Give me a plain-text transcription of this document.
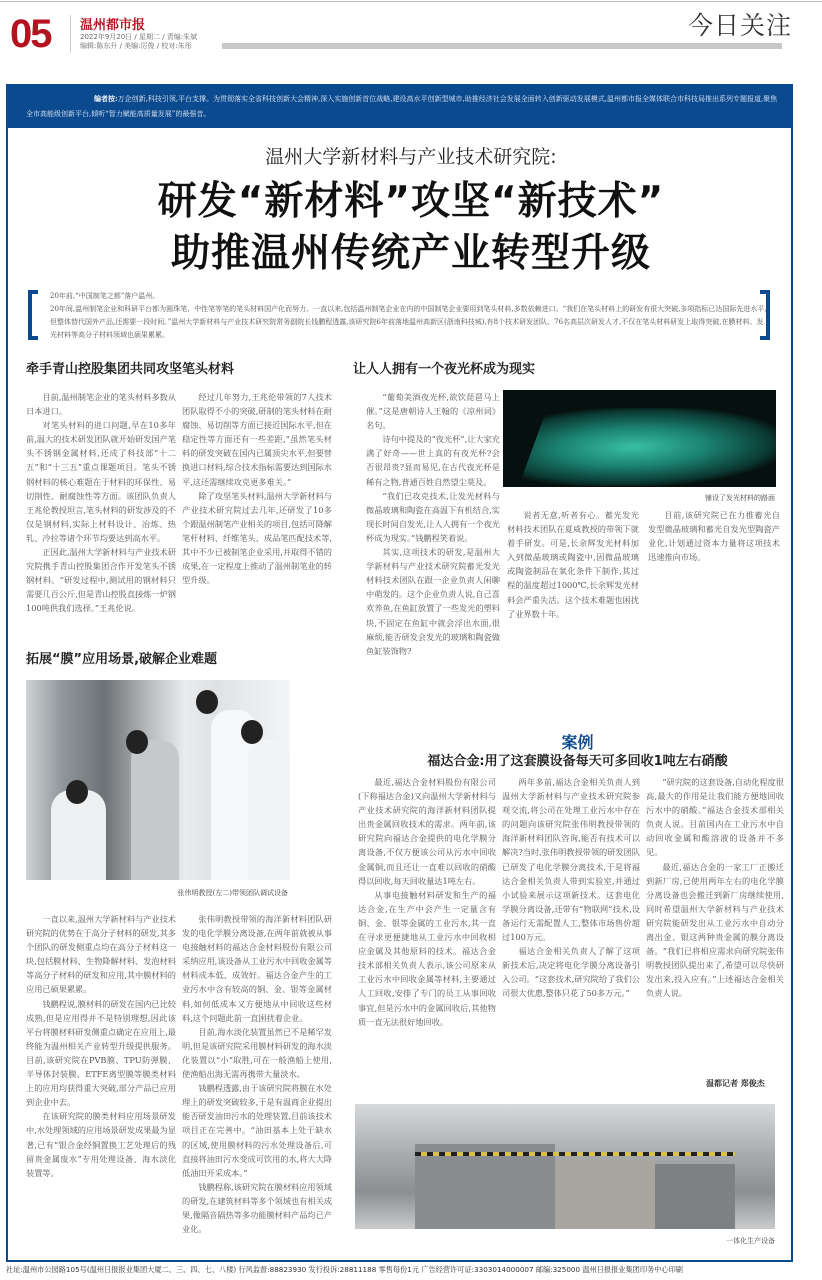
05 温州都市报
2022年9月20日 / 星期二 / 责编:朱斌
编辑:陈东升 / 美编:厉俊 / 校对:朱彤
今日关注
编者按:万企创新,科技引领,平台支撑。为贯彻落实全省科技创新大会精神,深入实施创新首位战略,建设高水平创新型城市,助推经济社会发展全面转入创新驱动发展模式,温州都市报全媒体联合市科技局推出系列专题报道,聚焦全市高能级创新平台,倾听“智力赋能高质量发展”的最强音。
温州大学新材料与产业技术研究院:
研发“新材料”攻坚“新技术”
助推温州传统产业转型升级
20年前,“中国制笔之都”落户温州。
20年间,温州制笔企业和科研平台都为圆珠笔、中性笔等笔的笔头材料国产化而努力。一直以来,包括温州制笔企业在内的中国制笔企业要用到笔头材料,多数依赖进口。“我们在笔头材料上的研发有很大突破,多项指标已达国际先进水平,但整体替代国外产品,还需要一段时间。”温州大学新材料与产业技术研究院常务副院长钱鹏程透露,该研究院6年前落地温州高新区(浙南科技城),有8个技术研发团队、76名高层次研发人才,不仅在笔头材料研发上取得突破,在膜材料、发光材料等高分子材料领域也硕果累累。
牵手青山控股集团共同攻坚笔头材料

目前,温州制笔企业的笔头材料多数从日本进口。

对笔头材料的进口问题,早在10多年前,温大的技术研发团队就开始研发国产笔头不锈钢金属材料,还成了科技部“十二五”和“十三五”重点课题项目。笔头不锈钢材料的核心难题在于材料的环保性、易切削性、耐腐蚀性等方面。该团队负责人王兆伦教授坦言,笔头材料的研发涉及的不仅是钢材料,实际上材料设计、冶炼、热轧、冷拉等诸个环节均要达到高水平。

正因此,温州大学新材料与产业技术研究院携手青山控股集团合作开发笔头不锈钢材料。“研发过程中,测试用的钢材料只需要几百公斤,但是青山控股直接炼一炉钢100吨供我们选择。”王兆伦说。

经过几年努力,王兆伦带领的7人技术团队取得不小的突破,研制的笔头材料在耐腐蚀、易切削等方面已接近国际水平,但在稳定性等方面还有一些差距,“虽然笔头材料的研发突破在国内已属顶尖水平,但要替换进口材料,综合技术指标需要达到国际水平,这还需继续攻克更多难关。”

除了攻坚笔头材料,温州大学新材料与产业技术研究院过去几年,还研发了10多个跟温州制笔产业相关的项目,包括可降解笔杆材料、纤维笔头、成品笔匹配技术等,其中不少已被制笔企业采用,并取得不错的成果,在一定程度上推动了温州制笔业的转型升级。

拓展“膜”应用场景,破解企业难题
张伟明教授(左二)带领团队调试设备

一直以来,温州大学新材料与产业技术研究院的优势在于高分子材料的研发,其多个团队的研发侧重点均在高分子材料这一块,包括膜材料、生物降解材料、发泡材料等高分子材料的研发和应用,其中膜材料的应用已硕果累累。

钱鹏程说,膜材料的研发在国内已比较成熟,但是应用得并不是特别理想,因此该平台将膜材料研发侧重点确定在应用上,最终能为温州相关产业转型升级提供服务。目前,该研究院在PVB膜、TPU防弹膜、半导体封装膜、ETFE离型膜等膜类材料上的应用均获得重大突破,部分产品已应用到企业中去。

在该研究院的膜类材料应用场景研发中,水处理领域的应用场景研发成果最为显著,已有“银合金经铜置换工艺处理后的残留贵金属废水”专用处理设备、海水淡化装置等。

张伟明教授带领的海洋新材料团队研发的电化学膜分离设备,在两年前就被从事电接触材料的福达合金材料股份有限公司采纳应用,该设备从工业污水中回收金属等材料成本低、成效好。福达合金产生的工业污水中含有较高的铜、金、银等金属材料,如何低成本又方便地从中回收这些材料,这个问题此前一直困扰着企业。

目前,海水淡化装置虽然已不是稀罕发明,但是该研究院采用膜材料研发的海水淡化装置以“小”取胜,可在一般渔船上使用,使渔船出海无需再携带大量淡水。

钱鹏程透露,由于该研究院将膜在水处理上的研发突破较多,于是有温商企业提出能否研发油田污水的处理装置,目前该技术项目正在完善中。“油田基本上处于缺水的区域,使用膜材料的污水处理设备后,可直接将油田污水变成可饮用的水,将大大降低油田开采成本。”

钱鹏程称,该研究院在膜材料应用领域的研发,在建筑材料等多个领域也有相关成果,像隔音隔热等多功能膜材料产品均已产业化。

让人人拥有一个夜光杯成为现实

“葡萄美酒夜光杯,欲饮琵琶马上催。”这是唐朝诗人王翰的《凉州词》名句。

诗句中提及的“夜光杯”,让大家充满了好奇——世上真的有夜光杯?会否很昂贵?显而易见,在古代夜光杯是稀有之物,普通百姓自然望尘莫及。

“我们已攻克技术,让发光材料与微晶玻璃和陶瓷在高温下有机结合,实现长时间自发光,让人人拥有一个夜光杯成为现实。”钱鹏程笑着说。

其实,这项技术的研发,是温州大学新材料与产业技术研究院蓄光发光材料技术团队在跟一企业负责人闲聊中萌发的。这个企业负责人说,自己喜欢养鱼,在鱼缸放置了一些发光的塑料块,不固定在鱼缸中就会浮出水面,很麻烦,能否研发会发光的玻璃和陶瓷做鱼缸装饰物?

铺设了发光材料的路面

说者无意,听者有心。蓄光发光材料技术团队在夏威教授的带领下就着手研发。可是,长余辉发光材料加入到微晶玻璃或陶瓷中,因微晶玻璃或陶瓷制品在氧化条件下制作,其过程的温度超过1000℃,长余辉发光材料会严重失活。这个技术难题也困扰了业界数十年。

目前,该研究院已在力推蓄光自发型微晶玻璃和蓄光自发光型陶瓷产业化,计划通过资本力量将这项技术迅速推向市场。

案例
福达合金:用了这套膜设备每天可多回收1吨左右硝酸

最近,福达合金材料股份有限公司(下称福达合金)又向温州大学新材料与产业技术研究院的海洋新材料团队提出贵金属回收技术的需求。两年前,该研究院向福达合金提供的电化学膜分离设备,不仅方便该公司从污水中回收金属铜,而且还让一直难以回收的硝酸得以回收,每天回收量达1吨左右。

从事电接触材料研发和生产的福达合金,在生产中会产生一定量含有铜、金、银等金属的工业污水,其一直在寻求更便捷地从工业污水中回收相应金属及其他原料的技术。福达合金技术部相关负责人表示,该公司原来从工业污水中回收金属等材料,主要通过人工回收,安排了专门的员工从事回收事宜,但是污水中的金属回收后,其他物质一直无法很好地回收。

两年多前,福达合金相关负责人到温州大学新材料与产业技术研究院参观交流,将公司在处理工业污水中存在的问题向该研究院张伟明教授带领的海洋新材料团队咨询,能否有技术可以解决?当时,张伟明教授带领的研发团队已研发了电化学膜分离技术,于是将福达合金相关负责人带到实验室,并通过小试验来展示这项新技术。这套电化学膜分离设备,还带有“物联网”技术,设备运行无需配置人工,整体市场售价超过100万元。

福达合金相关负责人了解了这项新技术后,决定将电化学膜分离设备引入公司。“这套技术,研究院给了我们公司很大优惠,整体只花了50多万元。”

“研究院的这套设备,自动化程度很高,最大的作用是让我们能方便地回收污水中的硝酸。”福达合金技术部相关负责人说。目前国内在工业污水中自动回收金属和酸溶液的设备并不多见。

最近,福达合金的一家工厂正搬迁到新厂房,已使用两年左右的电化学膜分离设备也会搬迁到新厂房继续使用,同时希望温州大学新材料与产业技术研究院能研发出从工业污水中自动分离出金、银这两种贵金属的膜分离设备。“我们已将相应需求向研究院张伟明教授团队提出来了,希望可以尽快研发出来,投入应有。”上述福达合金相关负责人说。

温都记者 郑俊杰
一体化生产设备
社址:温州市公园路105号(温州日报报业集团大厦二、三、四、七、八楼) 行风监督:88823930 发行投诉:28811188 零售每份1元 广告经营许可证:3303014000007 邮编:325000 温州日报报业集团印务中心印刷
